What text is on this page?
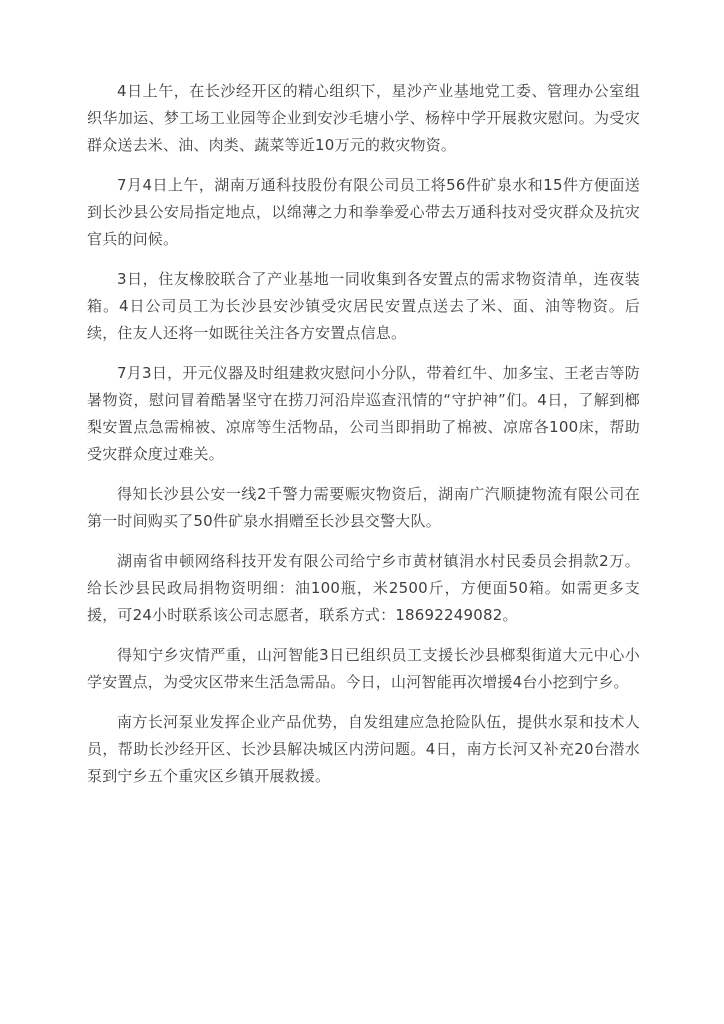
4日上午，在长沙经开区的精心组织下，星沙产业基地党工委、管理办公室组织华加运、梦工场工业园等企业到安沙毛塘小学、杨梓中学开展救灾慰问。为受灾群众送去米、油、肉类、蔬菜等近10万元的救灾物资。

7月4日上午，湖南万通科技股份有限公司员工将56件矿泉水和15件方便面送到长沙县公安局指定地点，以绵薄之力和拳拳爱心带去万通科技对受灾群众及抗灾官兵的问候。

3日，住友橡胶联合了产业基地一同收集到各安置点的需求物资清单，连夜装箱。4日公司员工为长沙县安沙镇受灾居民安置点送去了米、面、油等物资。后续，住友人还将一如既往关注各方安置点信息。

7月3日，开元仪器及时组建救灾慰问小分队，带着红牛、加多宝、王老吉等防暑物资，慰问冒着酷暑坚守在捞刀河沿岸巡查汛情的“守护神”们。4日，了解到榔梨安置点急需棉被、凉席等生活物品，公司当即捐助了棉被、凉席各100床，帮助受灾群众度过难关。

得知长沙县公安一线2千警力需要赈灾物资后，湖南广汽顺捷物流有限公司在第一时间购买了50件矿泉水捐赠至长沙县交警大队。

湖南省申顿网络科技开发有限公司给宁乡市黄材镇涓水村民委员会捐款2万。给长沙县民政局捐物资明细：油100瓶，米2500斤，方便面50箱。如需更多支援，可24小时联系该公司志愿者，联系方式：18692249082。

得知宁乡灾情严重，山河智能3日已组织员工支援长沙县榔梨街道大元中心小学安置点，为受灾区带来生活急需品。今日，山河智能再次增援4台小挖到宁乡。

南方长河泵业发挥企业产品优势，自发组建应急抢险队伍，提供水泵和技术人员，帮助长沙经开区、长沙县解决城区内涝问题。4日，南方长河又补充20台潜水泵到宁乡五个重灾区乡镇开展救援。
